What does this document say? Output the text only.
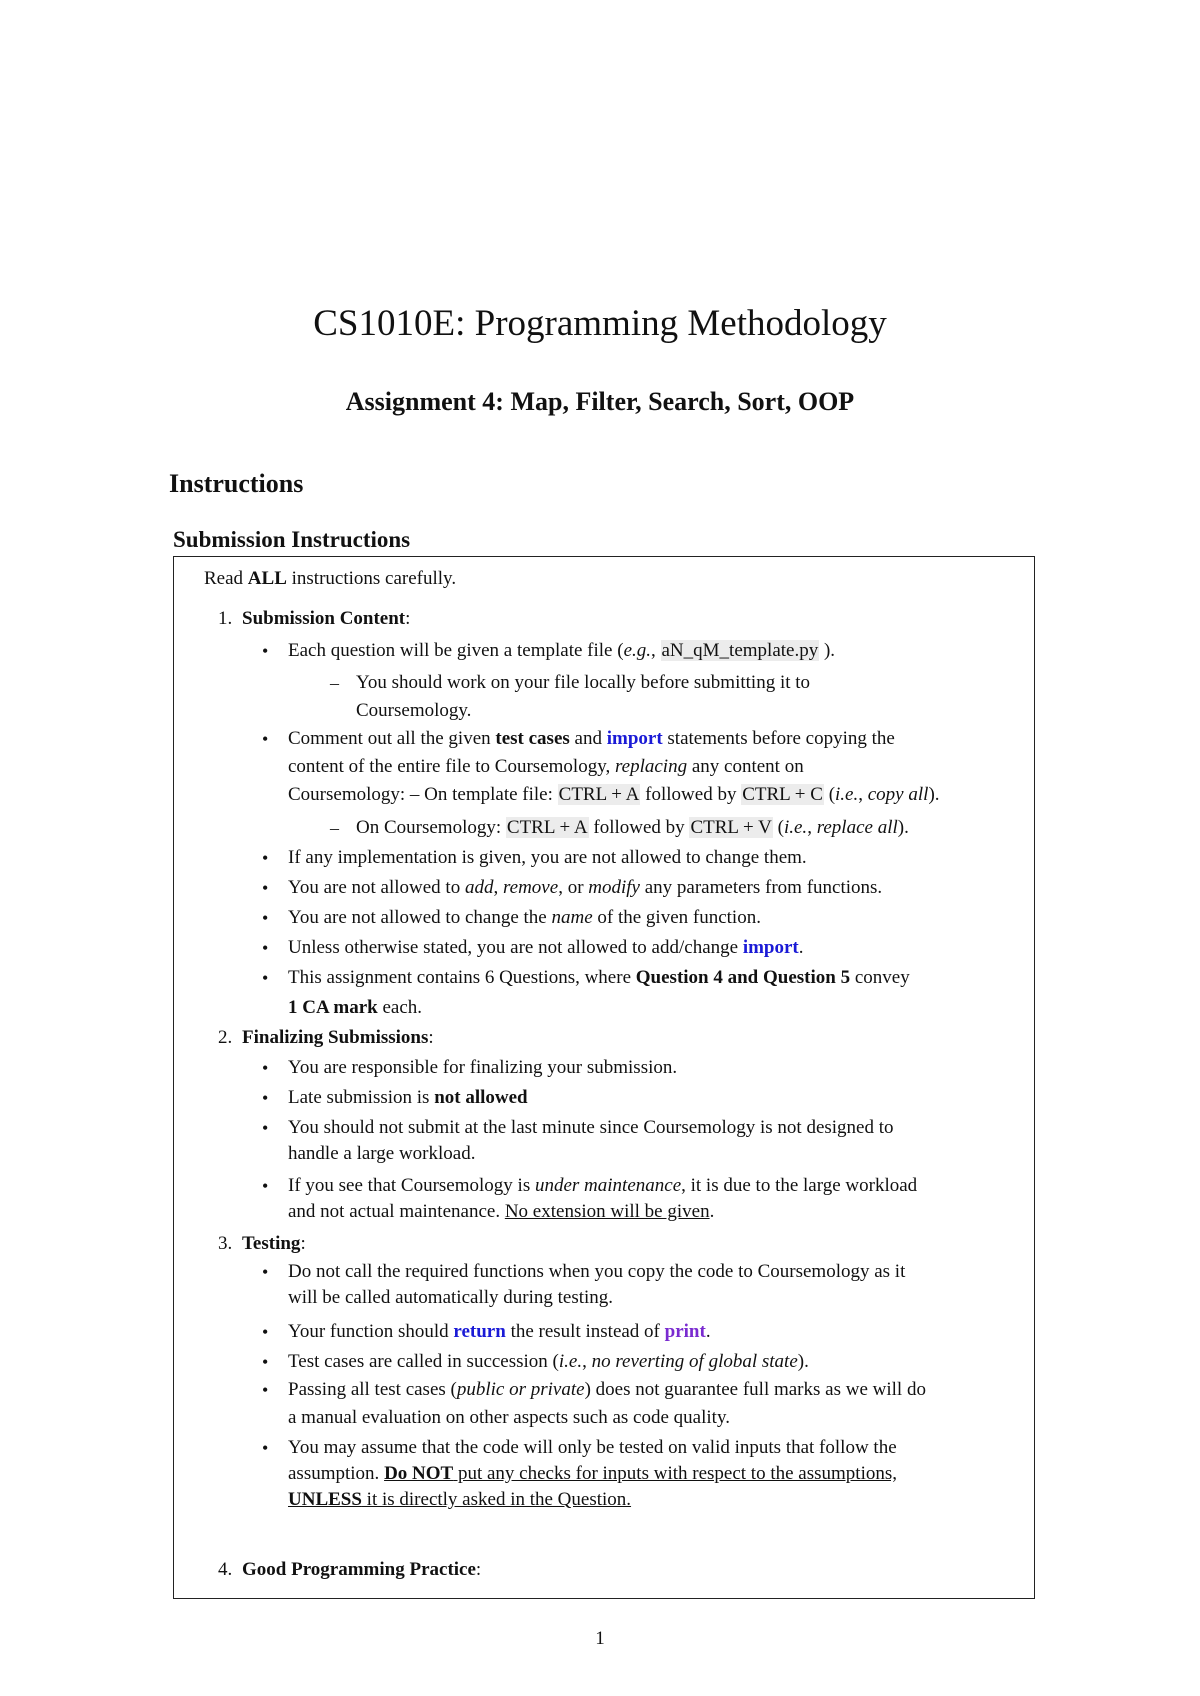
CS1010E: Programming Methodology
Assignment 4: Map, Filter, Search, Sort, OOP
Instructions
Submission Instructions
Read ALL instructions carefully.
1. Submission Content:
• Each question will be given a template file (e.g., aN_qM_template.py ).
– You should work on your file locally before submitting it to
Coursemology.
• Comment out all the given test cases and import statements before copying the
content of the entire file to Coursemology, replacing any content on
Coursemology: – On template file: CTRL + A followed by CTRL + C (i.e., copy all).
– On Coursemology: CTRL + A followed by CTRL + V (i.e., replace all).
• If any implementation is given, you are not allowed to change them.
• You are not allowed to add, remove, or modify any parameters from functions.
• You are not allowed to change the name of the given function.
• Unless otherwise stated, you are not allowed to add/change import.
• This assignment contains 6 Questions, where Question 4 and Question 5 convey
1 CA mark each.
2. Finalizing Submissions:
• You are responsible for finalizing your submission.
• Late submission is not allowed
• You should not submit at the last minute since Coursemology is not designed to
handle a large workload.
• If you see that Coursemology is under maintenance, it is due to the large workload
and not actual maintenance. No extension will be given.
3. Testing:
• Do not call the required functions when you copy the code to Coursemology as it
will be called automatically during testing.
• Your function should return the result instead of print.
• Test cases are called in succession (i.e., no reverting of global state).
• Passing all test cases (public or private) does not guarantee full marks as we will do
a manual evaluation on other aspects such as code quality.
• You may assume that the code will only be tested on valid inputs that follow the
assumption. Do NOT put any checks for inputs with respect to the assumptions,
UNLESS it is directly asked in the Question.
4. Good Programming Practice:
1
